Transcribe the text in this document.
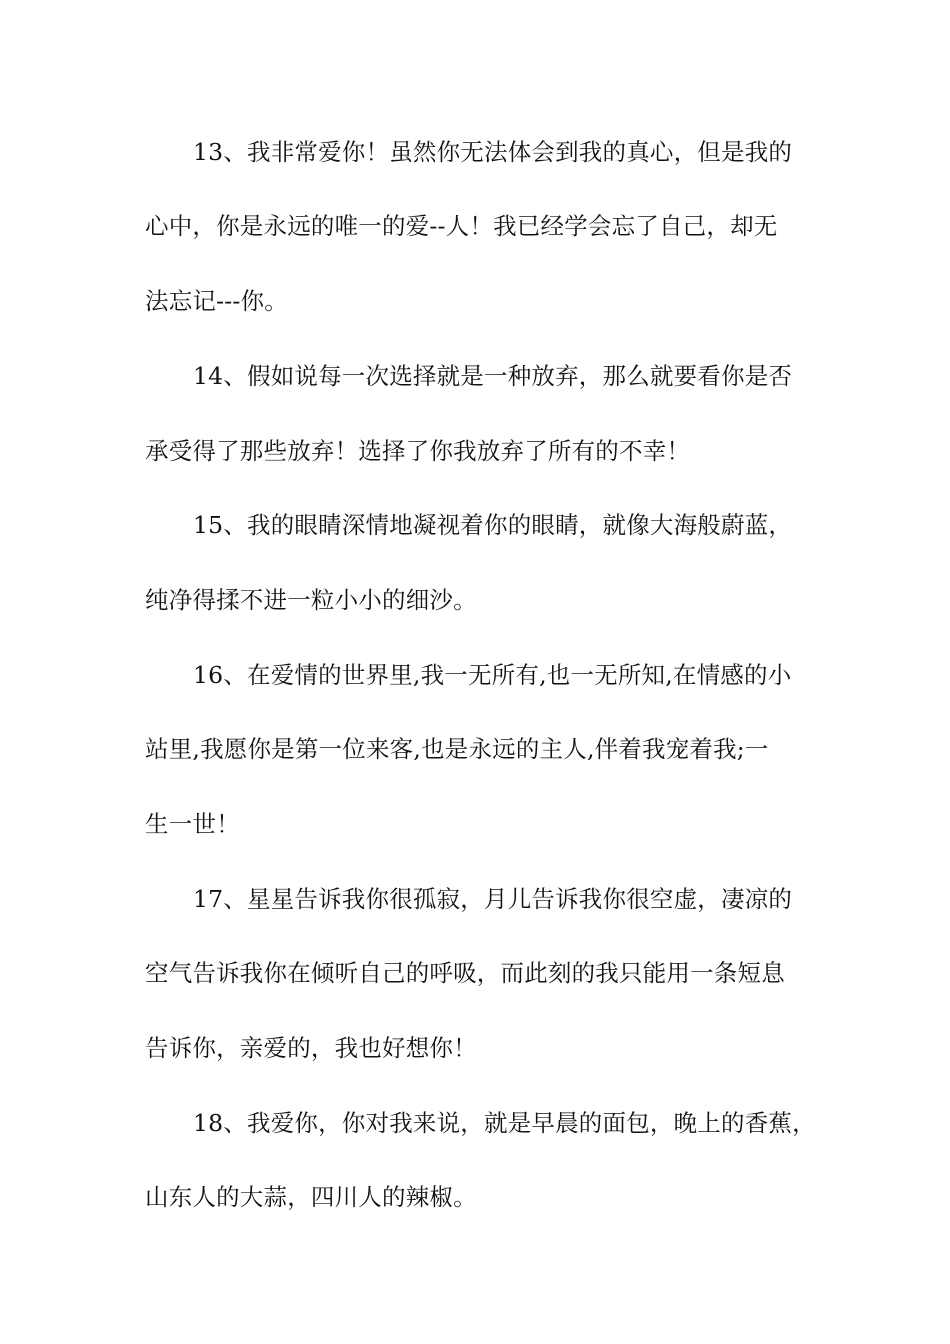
13、我非常爱你！虽然你无法体会到我的真心，但是我的
心中，你是永远的唯一的爱--人！我已经学会忘了自己，却无
法忘记---你。
14、假如说每一次选择就是一种放弃，那么就要看你是否
承受得了那些放弃！选择了你我放弃了所有的不幸！
15、我的眼睛深情地凝视着你的眼睛，就像大海般蔚蓝，
纯净得揉不进一粒小小的细沙。
16、在爱情的世界里,我一无所有,也一无所知,在情感的小
站里,我愿你是第一位来客,也是永远的主人,伴着我宠着我;一
生一世！
17、星星告诉我你很孤寂，月儿告诉我你很空虚，凄凉的
空气告诉我你在倾听自己的呼吸，而此刻的我只能用一条短息
告诉你，亲爱的，我也好想你！
18、我爱你，你对我来说，就是早晨的面包，晚上的香蕉，
山东人的大蒜，四川人的辣椒。
